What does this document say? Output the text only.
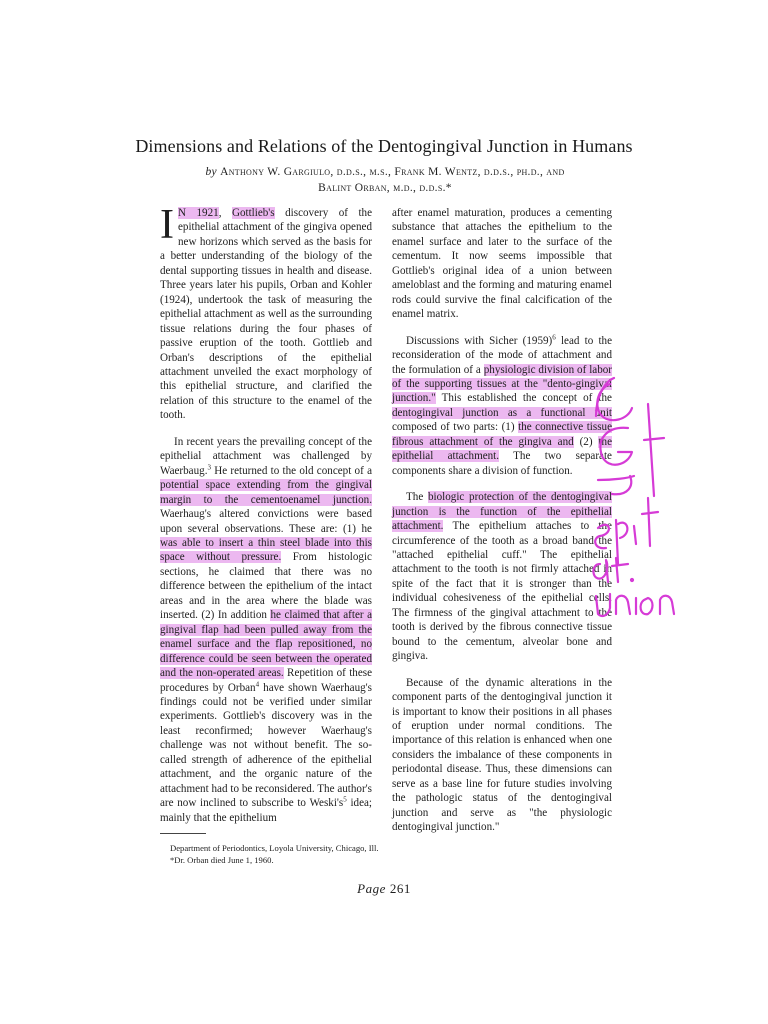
Dimensions and Relations of the Dentogingival Junction in Humans
by Anthony W. Gargiulo, d.d.s., m.s., Frank M. Wentz, d.d.s., ph.d., and
Balint Orban, m.d., d.d.s.*

I N 1921, Gottlieb's discovery of the epithelial attachment of the gingiva opened new horizons which served as the basis for a better understanding of the biology of the dental supporting tissues in health and disease. Three years later his pupils, Orban and Kohler (1924), undertook the task of measuring the epithelial attachment as well as the surrounding tissue relations during the four phases of passive eruption of the tooth. Gottlieb and Orban's descriptions of the epithelial attachment unveiled the exact morphology of this epithelial structure, and clarified the relation of this structure to the enamel of the tooth.

In recent years the prevailing concept of the epithelial attachment was challenged by Waerbaug.$^3$ He returned to the old concept of a potential space extending from the gingival margin to the cementoenamel junction. Waerhaug's altered convictions were based upon several observations. These are: (1) he was able to insert a thin steel blade into this space without pressure. From histologic sections, he claimed that there was no difference between the epithelium of the intact areas and in the area where the blade was inserted. (2) In addition he claimed that after a gingival flap had been pulled away from the enamel surface and the flap repositioned, no difference could be seen between the operated and the non-operated areas. Repetition of these procedures by Orban$^4$ have shown Waerhaug's findings could not be verified under similar experiments. Gottlieb's discovery was in the least reconfirmed; however Waerhaug's challenge was not without benefit. The so-called strength of adherence of the epithelial attachment, and the organic nature of the attachment had to be reconsidered. The author's are now inclined to subscribe to $Weski's^5$ idea; mainly that the epithelium

after enamel maturation, produces a cementing substance that attaches the epithelium to the enamel surface and later to the surface of the cementum. It now seems impossible that Gottlieb's original idea of a union between ameloblast and the forming and maturing enamel rods could survive the final calcification of the enamel matrix.

Discussions with Sicher $(1959)^6$ lead to the reconsideration of the mode of attachment and the formulation of a physiologic division of labor of the supporting tissues at the "dento-gingival junction." This established the concept of the dentogingival junction as a functional unit composed of two parts: (1) the connective tissue fibrous attachment of the gingiva and (2) the epithelial attachment. The two separate components share a division of function.

The biologic protection of the dentogingival junction is the function of the epithelial attachment. The epithelium attaches to the circumference of the tooth as a broad band the "attached epithelial cuff." The epithelial attachment to the tooth is not firmly attached in spite of the fact that it is stronger than the individual cohesiveness of the epithelial cells. The firmness of the gingival attachment to the tooth is derived by the fibrous connective tissue bound to the cementum, alveolar bone and gingiva.

Because of the dynamic alterations in the component parts of the dentogingival junction it is important to know their positions in all phases of eruption under normal conditions. The importance of this relation is enhanced when one considers the imbalance of these components in periodontal disease. Thus, these dimensions can serve as a base line for future studies involving the pathologic status of the dentogingival junction and serve as "the physiologic dentogingival junction."

Department of Periodontics, Loyola University, Chicago, Ill.

*Dr. Orban died June 1, 1960.

Page 261
